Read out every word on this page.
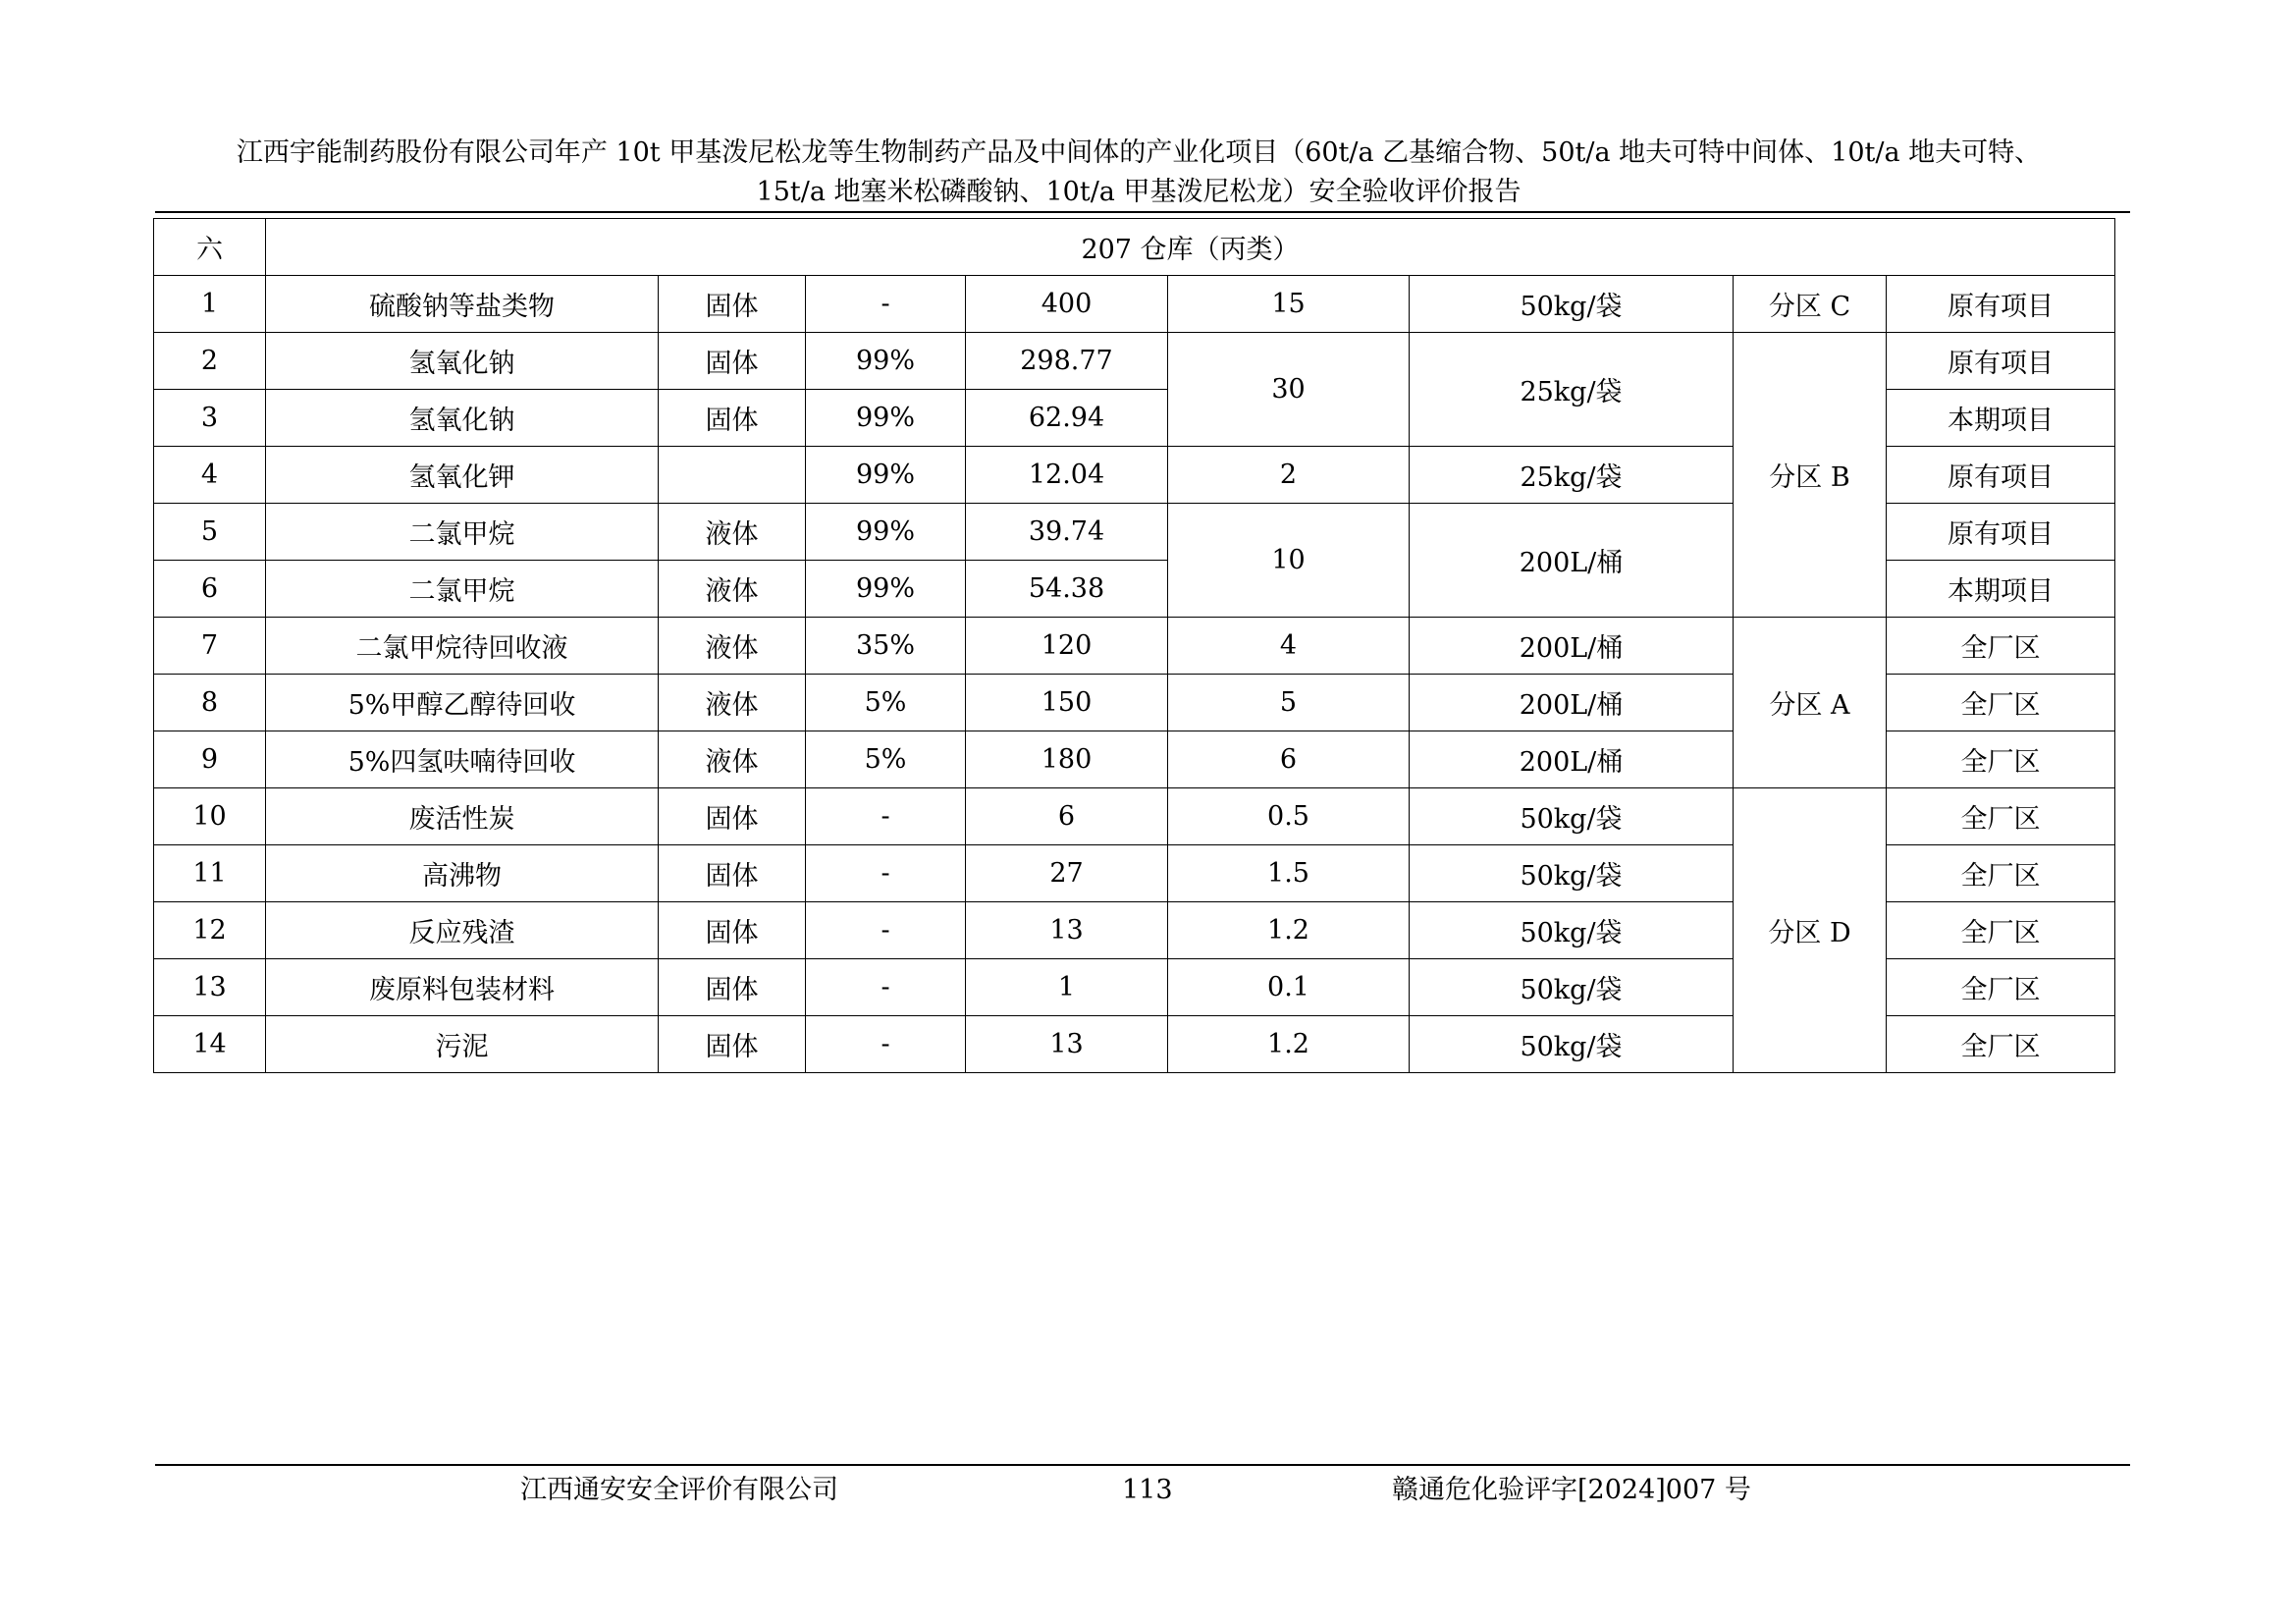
江西宇能制药股份有限公司年产 10t 甲基泼尼松龙等生物制药产品及中间体的产业化项目（60t/a 乙基缩合物、50t/a 地夫可特中间体、10t/a 地夫可特、
15t/a 地塞米松磷酸钠、10t/a 甲基泼尼松龙）安全验收评价报告
六	207 仓库（丙类）							
1	硫酸钠等盐类物	固体	-	400	15	50kg/袋	分区 C	原有项目
2	氢氧化钠	固体	99%	298.77	30	25kg/袋	分区 B	原有项目
3	氢氧化钠	固体	99%	62.94				本期项目
4	氢氧化钾		99%	12.04	2	25kg/袋		原有项目
5	二氯甲烷	液体	99%	39.74	10	200L/桶		原有项目
6	二氯甲烷	液体	99%	54.38				本期项目
7	二氯甲烷待回收液	液体	35%	120	4	200L/桶	分区 A	全厂区
8	5%甲醇乙醇待回收	液体	5%	150	5	200L/桶		全厂区
9	5%四氢呋喃待回收	液体	5%	180	6	200L/桶		全厂区
10	废活性炭	固体	-	6	0.5	50kg/袋	分区 D	全厂区
11	高沸物	固体	-	27	1.5	50kg/袋		全厂区
12	反应残渣	固体	-	13	1.2	50kg/袋		全厂区
13	废原料包装材料	固体	-	1	0.1	50kg/袋		全厂区
14	污泥	固体	-	13	1.2	50kg/袋		全厂区
江西通安安全评价有限公司	113	赣通危化验评字[2024]007 号
